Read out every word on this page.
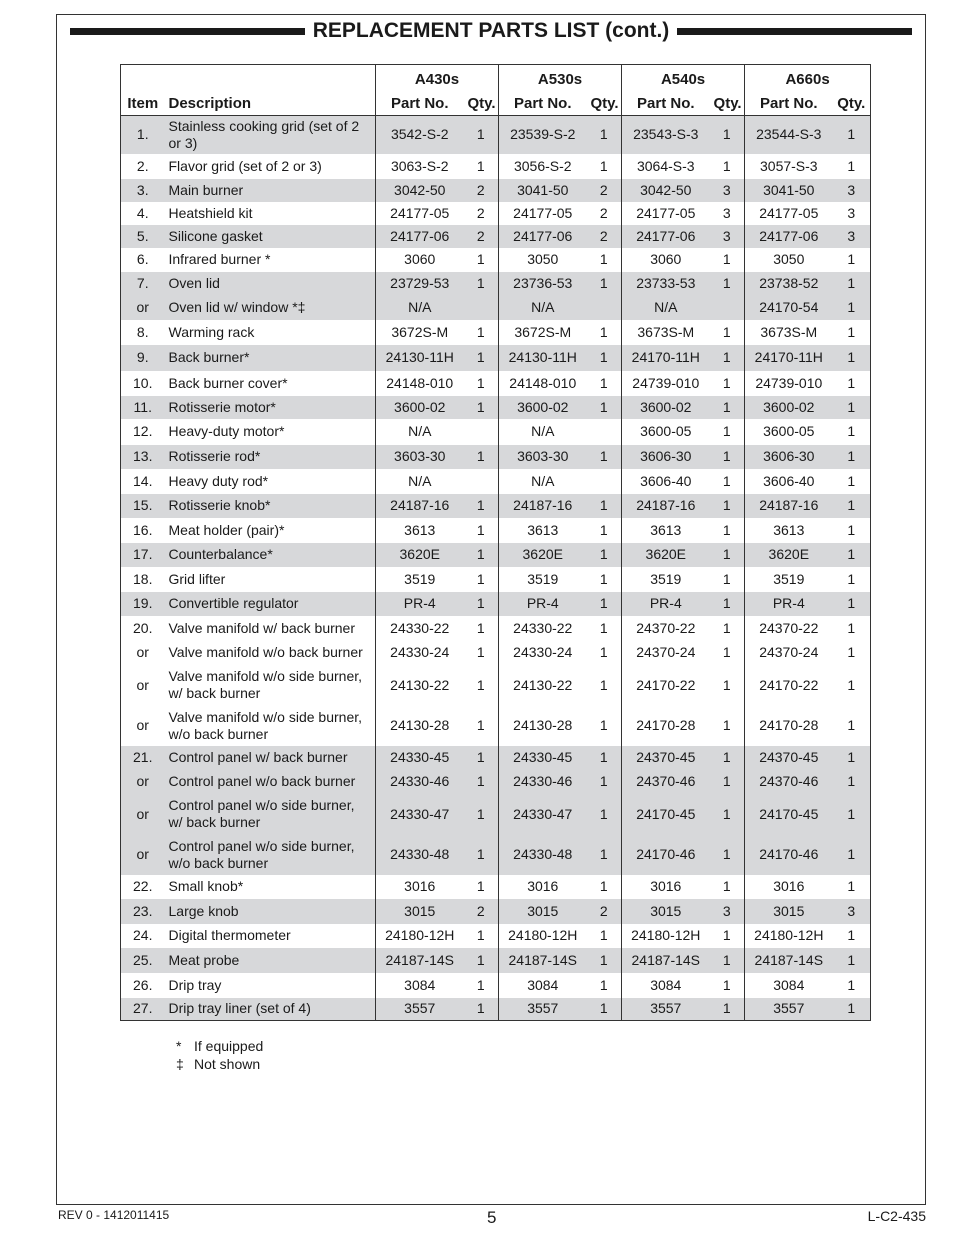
REPLACEMENT PARTS LIST (cont.)
		A430s		A530s		A540s		A660s	
Item	Description	Part No.	Qty.	Part No.	Qty.	Part No.	Qty.	Part No.	Qty.
1.	Stainless cooking grid (set of 2 or 3)	3542-S-2	1	23539-S-2	1	23543-S-3	1	23544-S-3	1
2.	Flavor grid (set of 2 or 3)	3063-S-2	1	3056-S-2	1	3064-S-3	1	3057-S-3	1
3.	Main burner	3042-50	2	3041-50	2	3042-50	3	3041-50	3
4.	Heatshield kit	24177-05	2	24177-05	2	24177-05	3	24177-05	3
5.	Silicone gasket	24177-06	2	24177-06	2	24177-06	3	24177-06	3
6.	Infrared burner *	3060	1	3050	1	3060	1	3050	1
7.	Oven lid	23729-53	1	23736-53	1	23733-53	1	23738-52	1
or	Oven lid w/ window *‡	N/A		N/A		N/A		24170-54	1
8.	Warming rack	3672S-M	1	3672S-M	1	3673S-M	1	3673S-M	1
9.	Back burner*	24130-11H	1	24130-11H	1	24170-11H	1	24170-11H	1
10.	Back burner cover*	24148-010	1	24148-010	1	24739-010	1	24739-010	1
11.	Rotisserie motor*	3600-02	1	3600-02	1	3600-02	1	3600-02	1
12.	Heavy-duty motor*	N/A		N/A		3600-05	1	3600-05	1
13.	Rotisserie rod*	3603-30	1	3603-30	1	3606-30	1	3606-30	1
14.	Heavy duty rod*	N/A		N/A		3606-40	1	3606-40	1
15.	Rotisserie knob*	24187-16	1	24187-16	1	24187-16	1	24187-16	1
16.	Meat holder (pair)*	3613	1	3613	1	3613	1	3613	1
17.	Counterbalance*	3620E	1	3620E	1	3620E	1	3620E	1
18.	Grid lifter	3519	1	3519	1	3519	1	3519	1
19.	Convertible regulator	PR-4	1	PR-4	1	PR-4	1	PR-4	1
20.	Valve manifold w/ back burner	24330-22	1	24330-22	1	24370-22	1	24370-22	1
or	Valve manifold w/o back burner	24330-24	1	24330-24	1	24370-24	1	24370-24	1
or	Valve manifold w/o side burner, w/ back burner	24130-22	1	24130-22	1	24170-22	1	24170-22	1
or	Valve manifold w/o side burner, w/o back burner	24130-28	1	24130-28	1	24170-28	1	24170-28	1
21.	Control panel w/ back burner	24330-45	1	24330-45	1	24370-45	1	24370-45	1
or	Control panel w/o back burner	24330-46	1	24330-46	1	24370-46	1	24370-46	1
or	Control panel w/o side burner, w/ back burner	24330-47	1	24330-47	1	24170-45	1	24170-45	1
or	Control panel w/o side burner, w/o back burner	24330-48	1	24330-48	1	24170-46	1	24170-46	1
22.	Small knob*	3016	1	3016	1	3016	1	3016	1
23.	Large knob	3015	2	3015	2	3015	3	3015	3
24.	Digital thermometer	24180-12H	1	24180-12H	1	24180-12H	1	24180-12H	1
25.	Meat probe	24187-14S	1	24187-14S	1	24187-14S	1	24187-14S	1
26.	Drip tray	3084	1	3084	1	3084	1	3084	1
27.	Drip tray liner (set of 4)	3557	1	3557	1	3557	1	3557	1
* If equipped
‡ Not shown
REV 0 - 1412011415	5	L-C2-435
